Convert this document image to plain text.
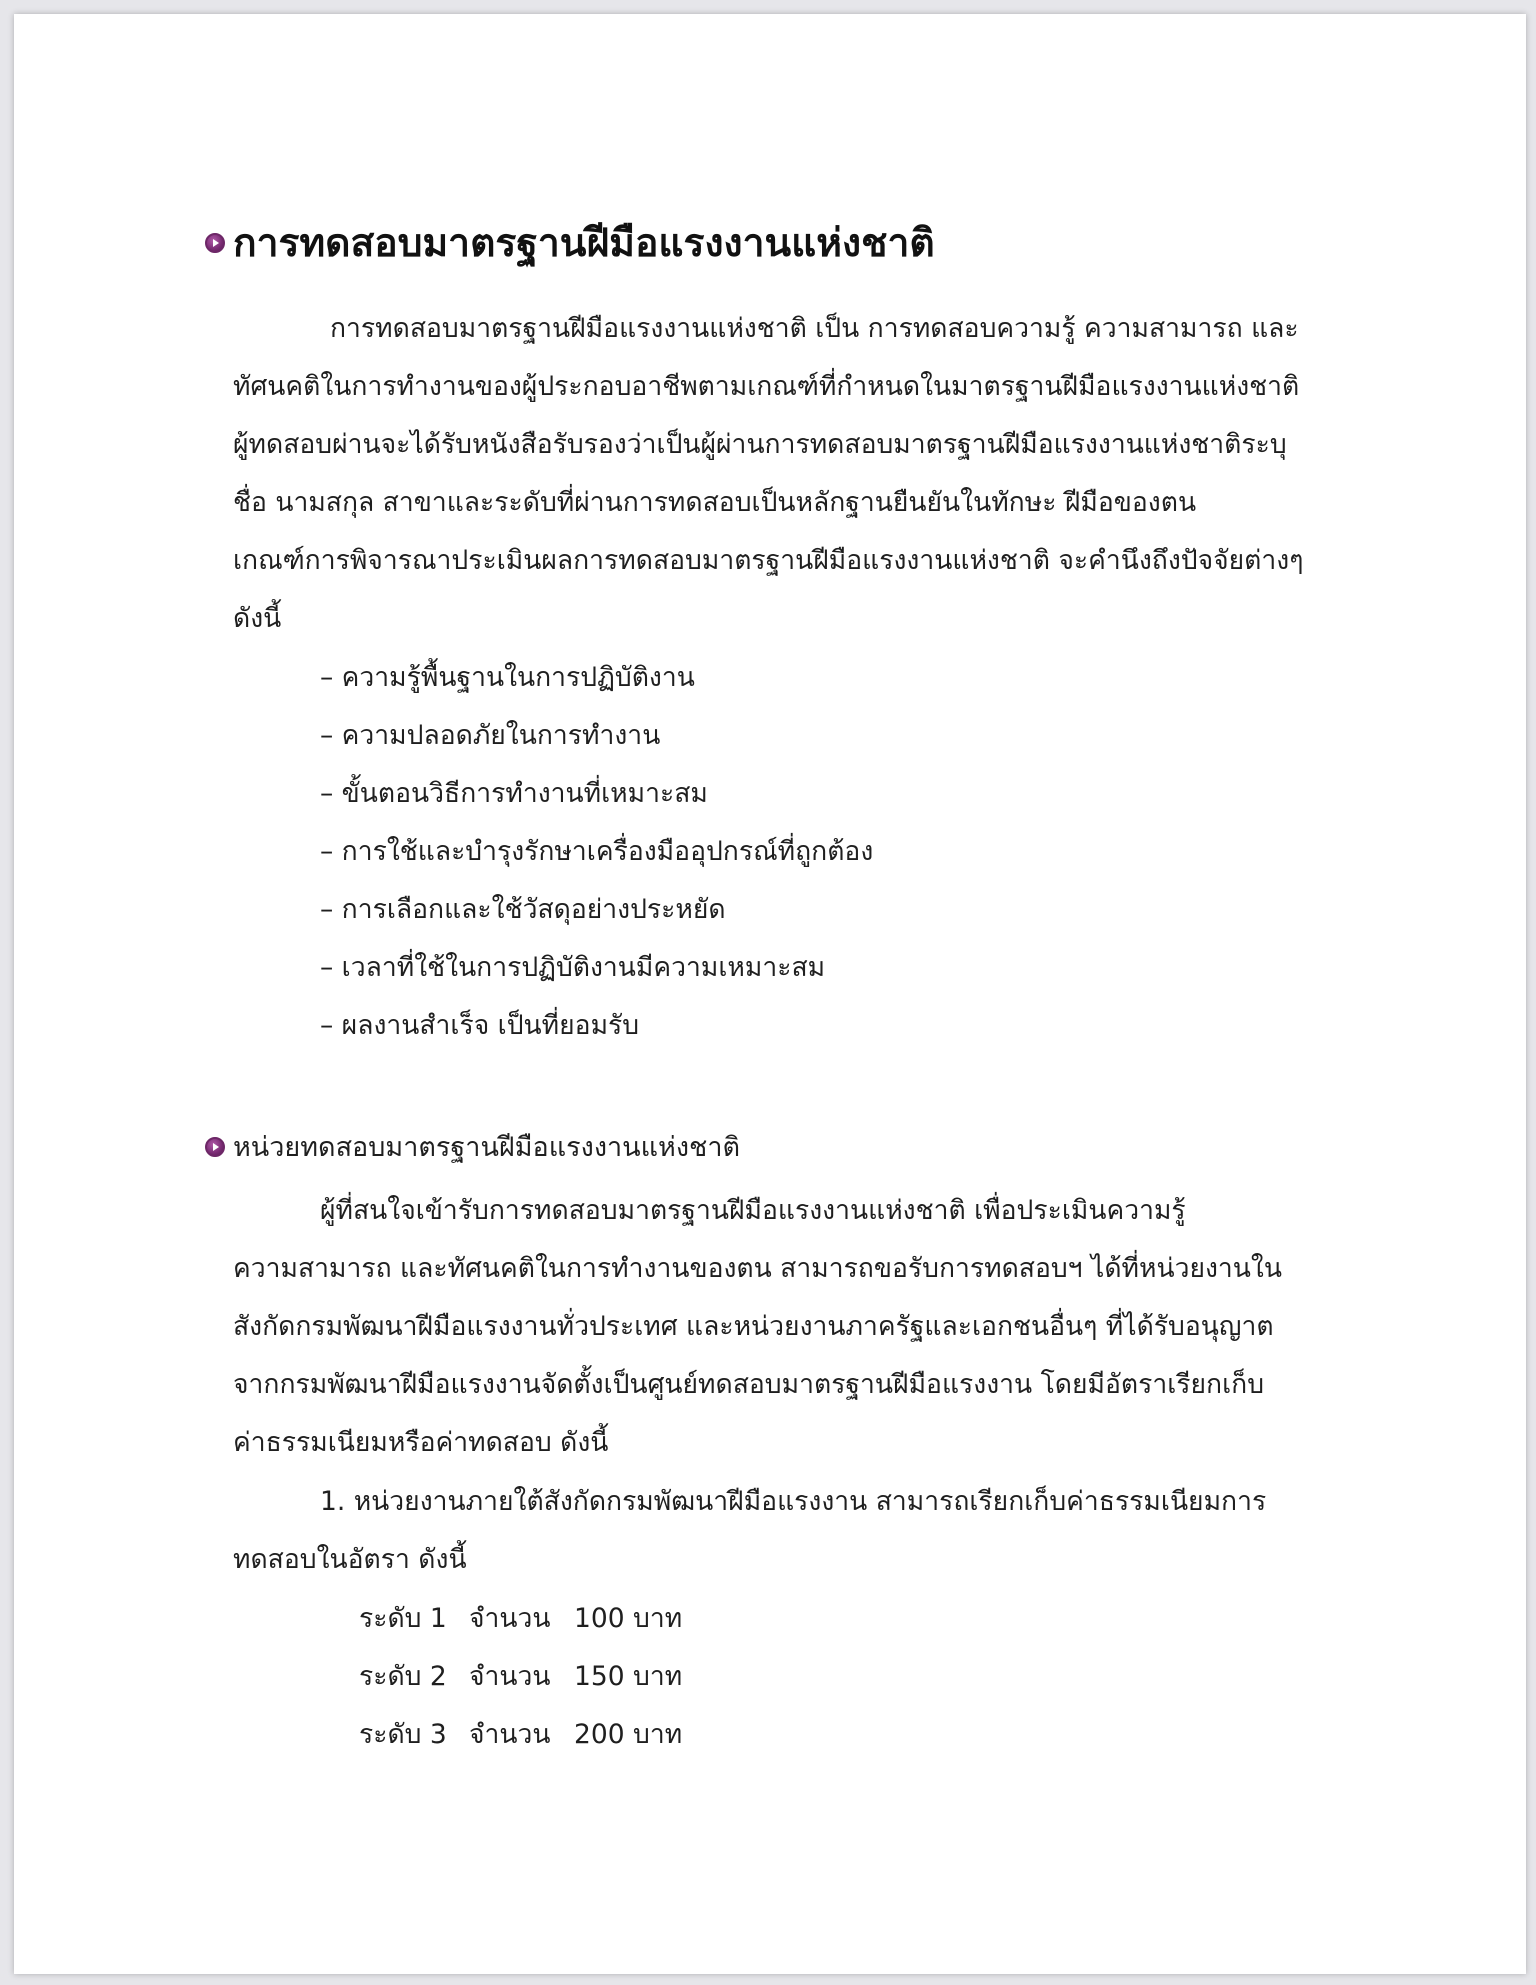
การทดสอบมาตรฐานฝีมือแรงงานแห่งชาติ
การทดสอบมาตรฐานฝีมือแรงงานแห่งชาติ เป็น การทดสอบความรู้ ความสามารถ และ
ทัศนคติในการทำงานของผู้ประกอบอาชีพตามเกณฑ์ที่กำหนดในมาตรฐานฝีมือแรงงานแห่งชาติ
ผู้ทดสอบผ่านจะได้รับหนังสือรับรองว่าเป็นผู้ผ่านการทดสอบมาตรฐานฝีมือแรงงานแห่งชาติระบุ
ชื่อ นามสกุล สาขาและระดับที่ผ่านการทดสอบเป็นหลักฐานยืนยันในทักษะ ฝีมือของตน
เกณฑ์การพิจารณาประเมินผลการทดสอบมาตรฐานฝีมือแรงงานแห่งชาติ จะคำนึงถึงปัจจัยต่างๆ
ดังนี้
– ความรู้พื้นฐานในการปฏิบัติงาน
– ความปลอดภัยในการทำงาน
– ขั้นตอนวิธีการทำงานที่เหมาะสม
– การใช้และบำรุงรักษาเครื่องมืออุปกรณ์ที่ถูกต้อง
– การเลือกและใช้วัสดุอย่างประหยัด
– เวลาที่ใช้ในการปฏิบัติงานมีความเหมาะสม
– ผลงานสำเร็จ เป็นที่ยอมรับ
หน่วยทดสอบมาตรฐานฝีมือแรงงานแห่งชาติ
ผู้ที่สนใจเข้ารับการทดสอบมาตรฐานฝีมือแรงงานแห่งชาติ เพื่อประเมินความรู้
ความสามารถ และทัศนคติในการทำงานของตน สามารถขอรับการทดสอบฯ ได้ที่หน่วยงานใน
สังกัดกรมพัฒนาฝีมือแรงงานทั่วประเทศ และหน่วยงานภาครัฐและเอกชนอื่นๆ ที่ได้รับอนุญาต
จากกรมพัฒนาฝีมือแรงงานจัดตั้งเป็นศูนย์ทดสอบมาตรฐานฝีมือแรงงาน โดยมีอัตราเรียกเก็บ
ค่าธรรมเนียมหรือค่าทดสอบ ดังนี้
1. หน่วยงานภายใต้สังกัดกรมพัฒนาฝีมือแรงงาน สามารถเรียกเก็บค่าธรรมเนียมการ
ทดสอบในอัตรา ดังนี้
ระดับ 1 จำนวน 100 บาท
ระดับ 2 จำนวน 150 บาท
ระดับ 3 จำนวน 200 บาท
